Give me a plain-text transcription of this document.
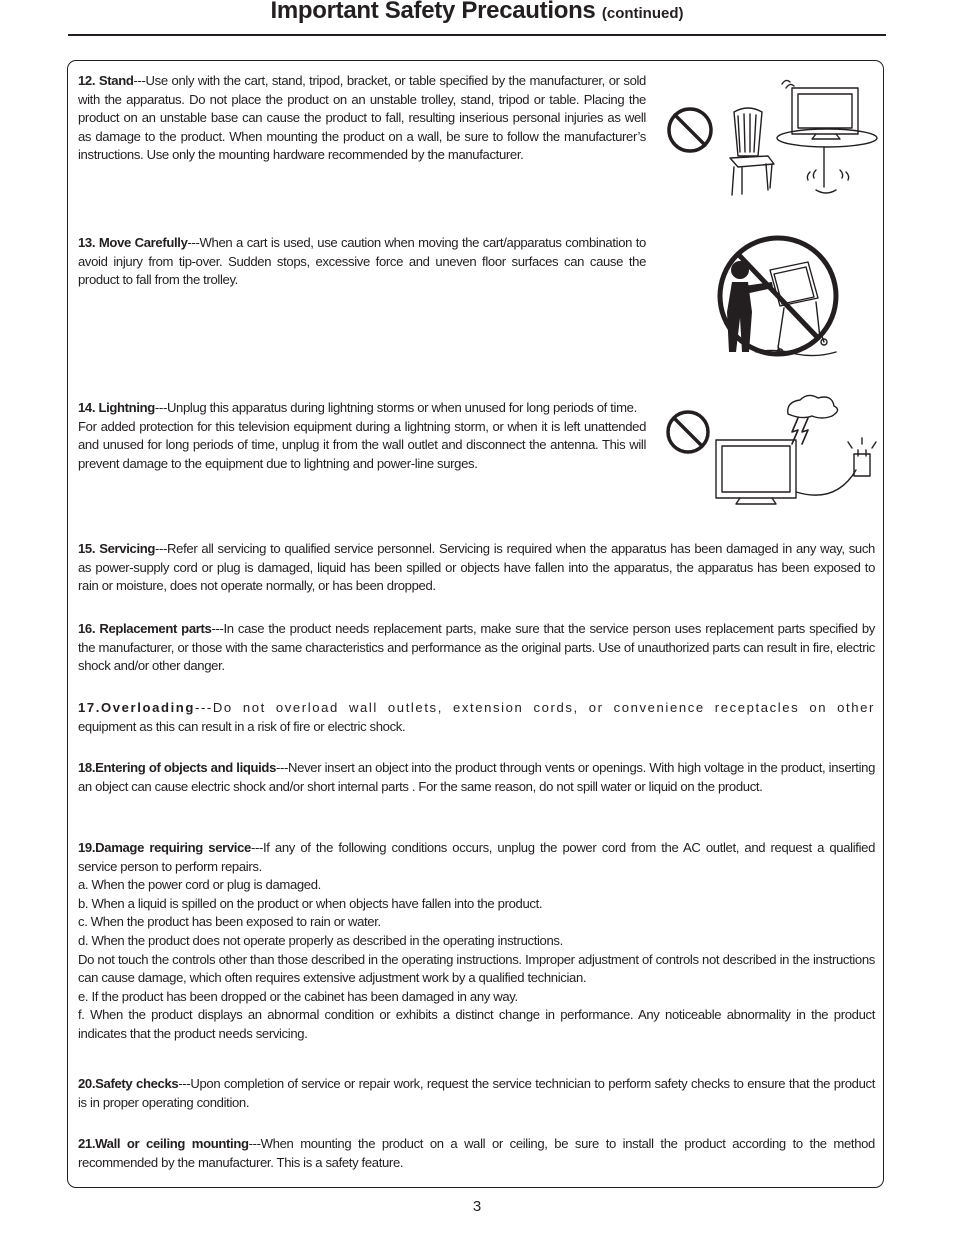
Important Safety Precautions (continued)

12. Stand---Use only with the cart, stand, tripod, bracket, or table specified by the manufacturer, or sold with the apparatus. Do not place the product on an unstable trolley, stand, tripod or table. Placing the product on an unstable base can cause the product to fall, resulting inserious personal injuries as well as damage to the product. When mounting the product on a wall, be sure to follow the manufacturer’s instructions. Use only the mounting hardware recommended by the manufacturer.

13. Move Carefully---When a cart is used, use caution when moving the cart/apparatus combination to avoid injury from tip-over. Sudden stops, excessive force and uneven floor surfaces can cause the product to fall from the trolley.

14. Lightning---Unplug this apparatus during lightning storms or when unused for long periods of time.

For added protection for this television equipment during a lightning storm, or when it is left unattended and unused for long periods of time, unplug it from the wall outlet and disconnect the antenna. This will prevent damage to the equipment due to lightning and power-line surges.

15. Servicing---Refer all servicing to qualified service personnel. Servicing is required when the apparatus has been damaged in any way, such as power-supply cord or plug is damaged, liquid has been spilled or objects have fallen into the apparatus, the apparatus has been exposed to rain or moisture, does not operate normally, or has been dropped.

16. Replacement parts---In case the product needs replacement parts, make sure that the service person uses replacement parts specified by the manufacturer, or those with the same characteristics and performance as the original parts. Use of unauthorized parts can result in fire, electric shock and/or other danger.

17.Overloading---Do not overload wall outlets, extension cords, or convenience receptacles on other

equipment as this can result in a risk of fire or electric shock.

18.Entering of objects and liquids---Never insert an object into the product through vents or openings. With high voltage in the product, inserting an object can cause electric shock and/or short internal parts . For the same reason, do not spill water or liquid on the product.

19.Damage requiring service---If any of the following conditions occurs, unplug the power cord from the AC outlet, and request a qualified service person to perform repairs.

a. When the power cord or plug is damaged.

b. When a liquid is spilled on the product or when objects have fallen into the product.

c. When the product has been exposed to rain or water.

d. When the product does not operate properly as described in the operating instructions.

Do not touch the controls other than those described in the operating instructions. Improper adjustment of controls not described in the instructions can cause damage, which often requires extensive adjustment work by a qualified technician.

e. If the product has been dropped or the cabinet has been damaged in any way.

f. When the product displays an abnormal condition or exhibits a distinct change in performance. Any noticeable abnormality in the product indicates that the product needs servicing.

20.Safety checks---Upon completion of service or repair work, request the service technician to perform safety checks to ensure that the product is in proper operating condition.

21.Wall or ceiling mounting---When mounting the product on a wall or ceiling, be sure to install the product according to the method recommended by the manufacturer. This is a safety feature.

3
